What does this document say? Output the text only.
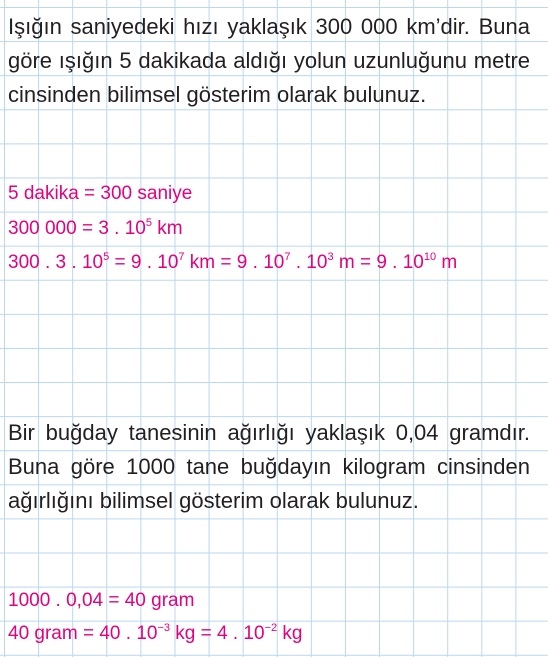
Işığın saniyedeki hızı yaklaşık 300 000 km’dir. Buna göre ışığın 5 dakikada aldığı yolun uzunluğunu metre cinsinden bilimsel gösterim olarak bulunuz.
5 dakika = 300 saniye
300 000 = 3 . $10^5$ km
300 . 3 . $10^5 = 9$ . $10^7$ km = 9 . $10^7$ . $10^3$ m = 9 . $10^{10}$ m
Bir buğday tanesinin ağırlığı yaklaşık 0,04 gramdır. Buna göre 1000 tane buğdayın kilogram cinsinden ağırlığını bilimsel gösterim olarak bulunuz.
1000 . 0,04 = 40 gram
40 gram = 40 . $10^{-3}$ kg = 4 . $10^{-2}$ kg
